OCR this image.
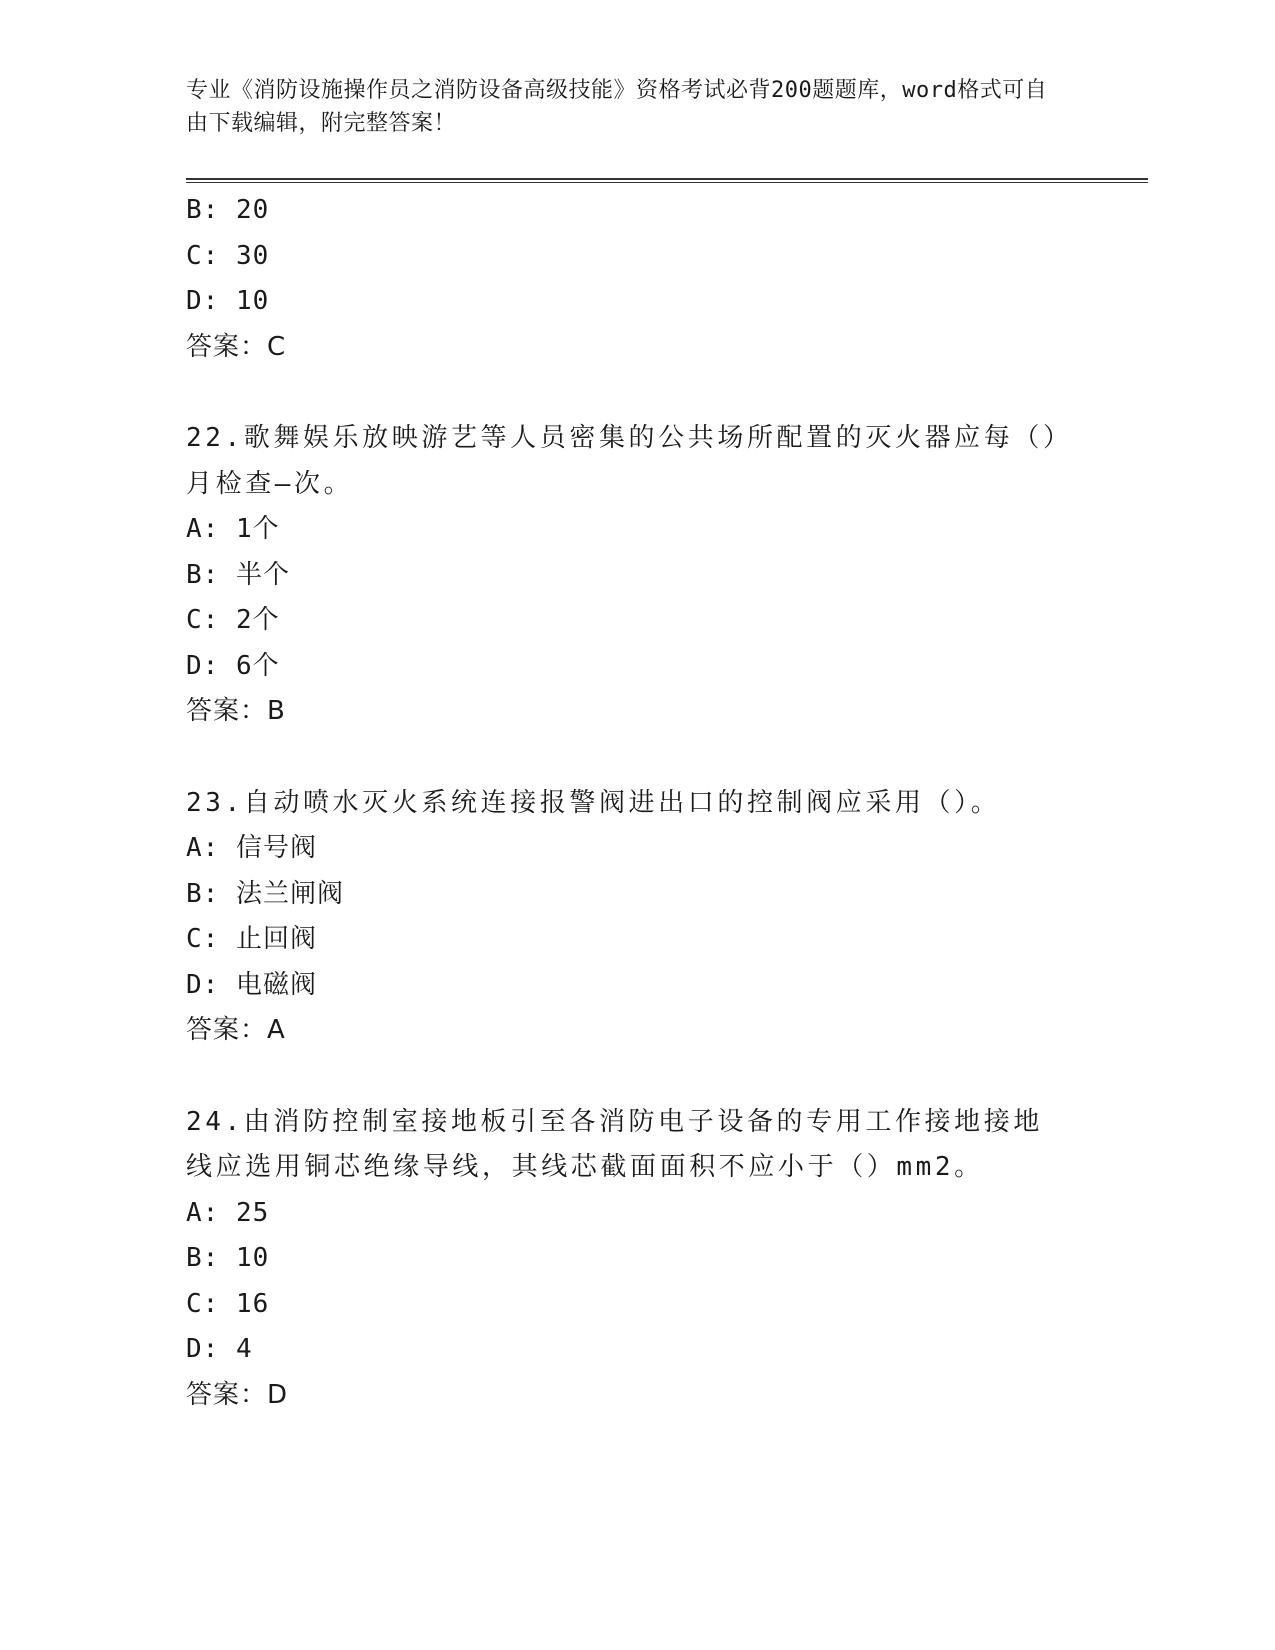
专业《消防设施操作员之消防设备高级技能》资格考试必背200题题库，word格式可自由下载编辑，附完整答案！
B: 20
C: 30
D: 10
答案：C
22.歌舞娱乐放映游艺等人员密集的公共场所配置的灭火器应每（）月检查—次。
A: 1个
B: 半个
C: 2个
D: 6个
答案：B
23.自动喷水灭火系统连接报警阀进出口的控制阀应采用（）。
A: 信号阀
B: 法兰闸阀
C: 止回阀
D: 电磁阀
答案：A
24.由消防控制室接地板引至各消防电子设备的专用工作接地接地线应选用铜芯绝缘导线，其线芯截面面积不应小于（）mm2。
A: 25
B: 10
C: 16
D: 4
答案：D
